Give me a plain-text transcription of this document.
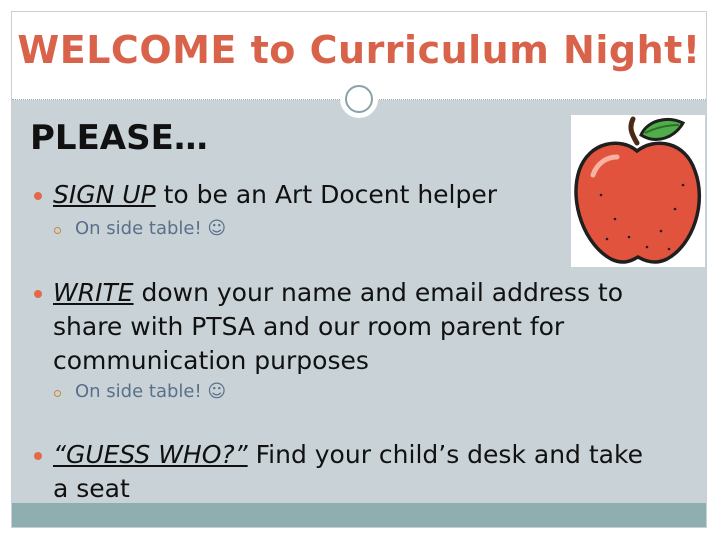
WELCOME to Curriculum Night!
PLEASE…

SIGN UP to be an Art Docent helper

On side table! ☺

WRITE down your name and email address to

share with PTSA and our room parent for

communication purposes

On side table! ☺

“GUESS WHO?” Find your child’s desk and take

a seat
